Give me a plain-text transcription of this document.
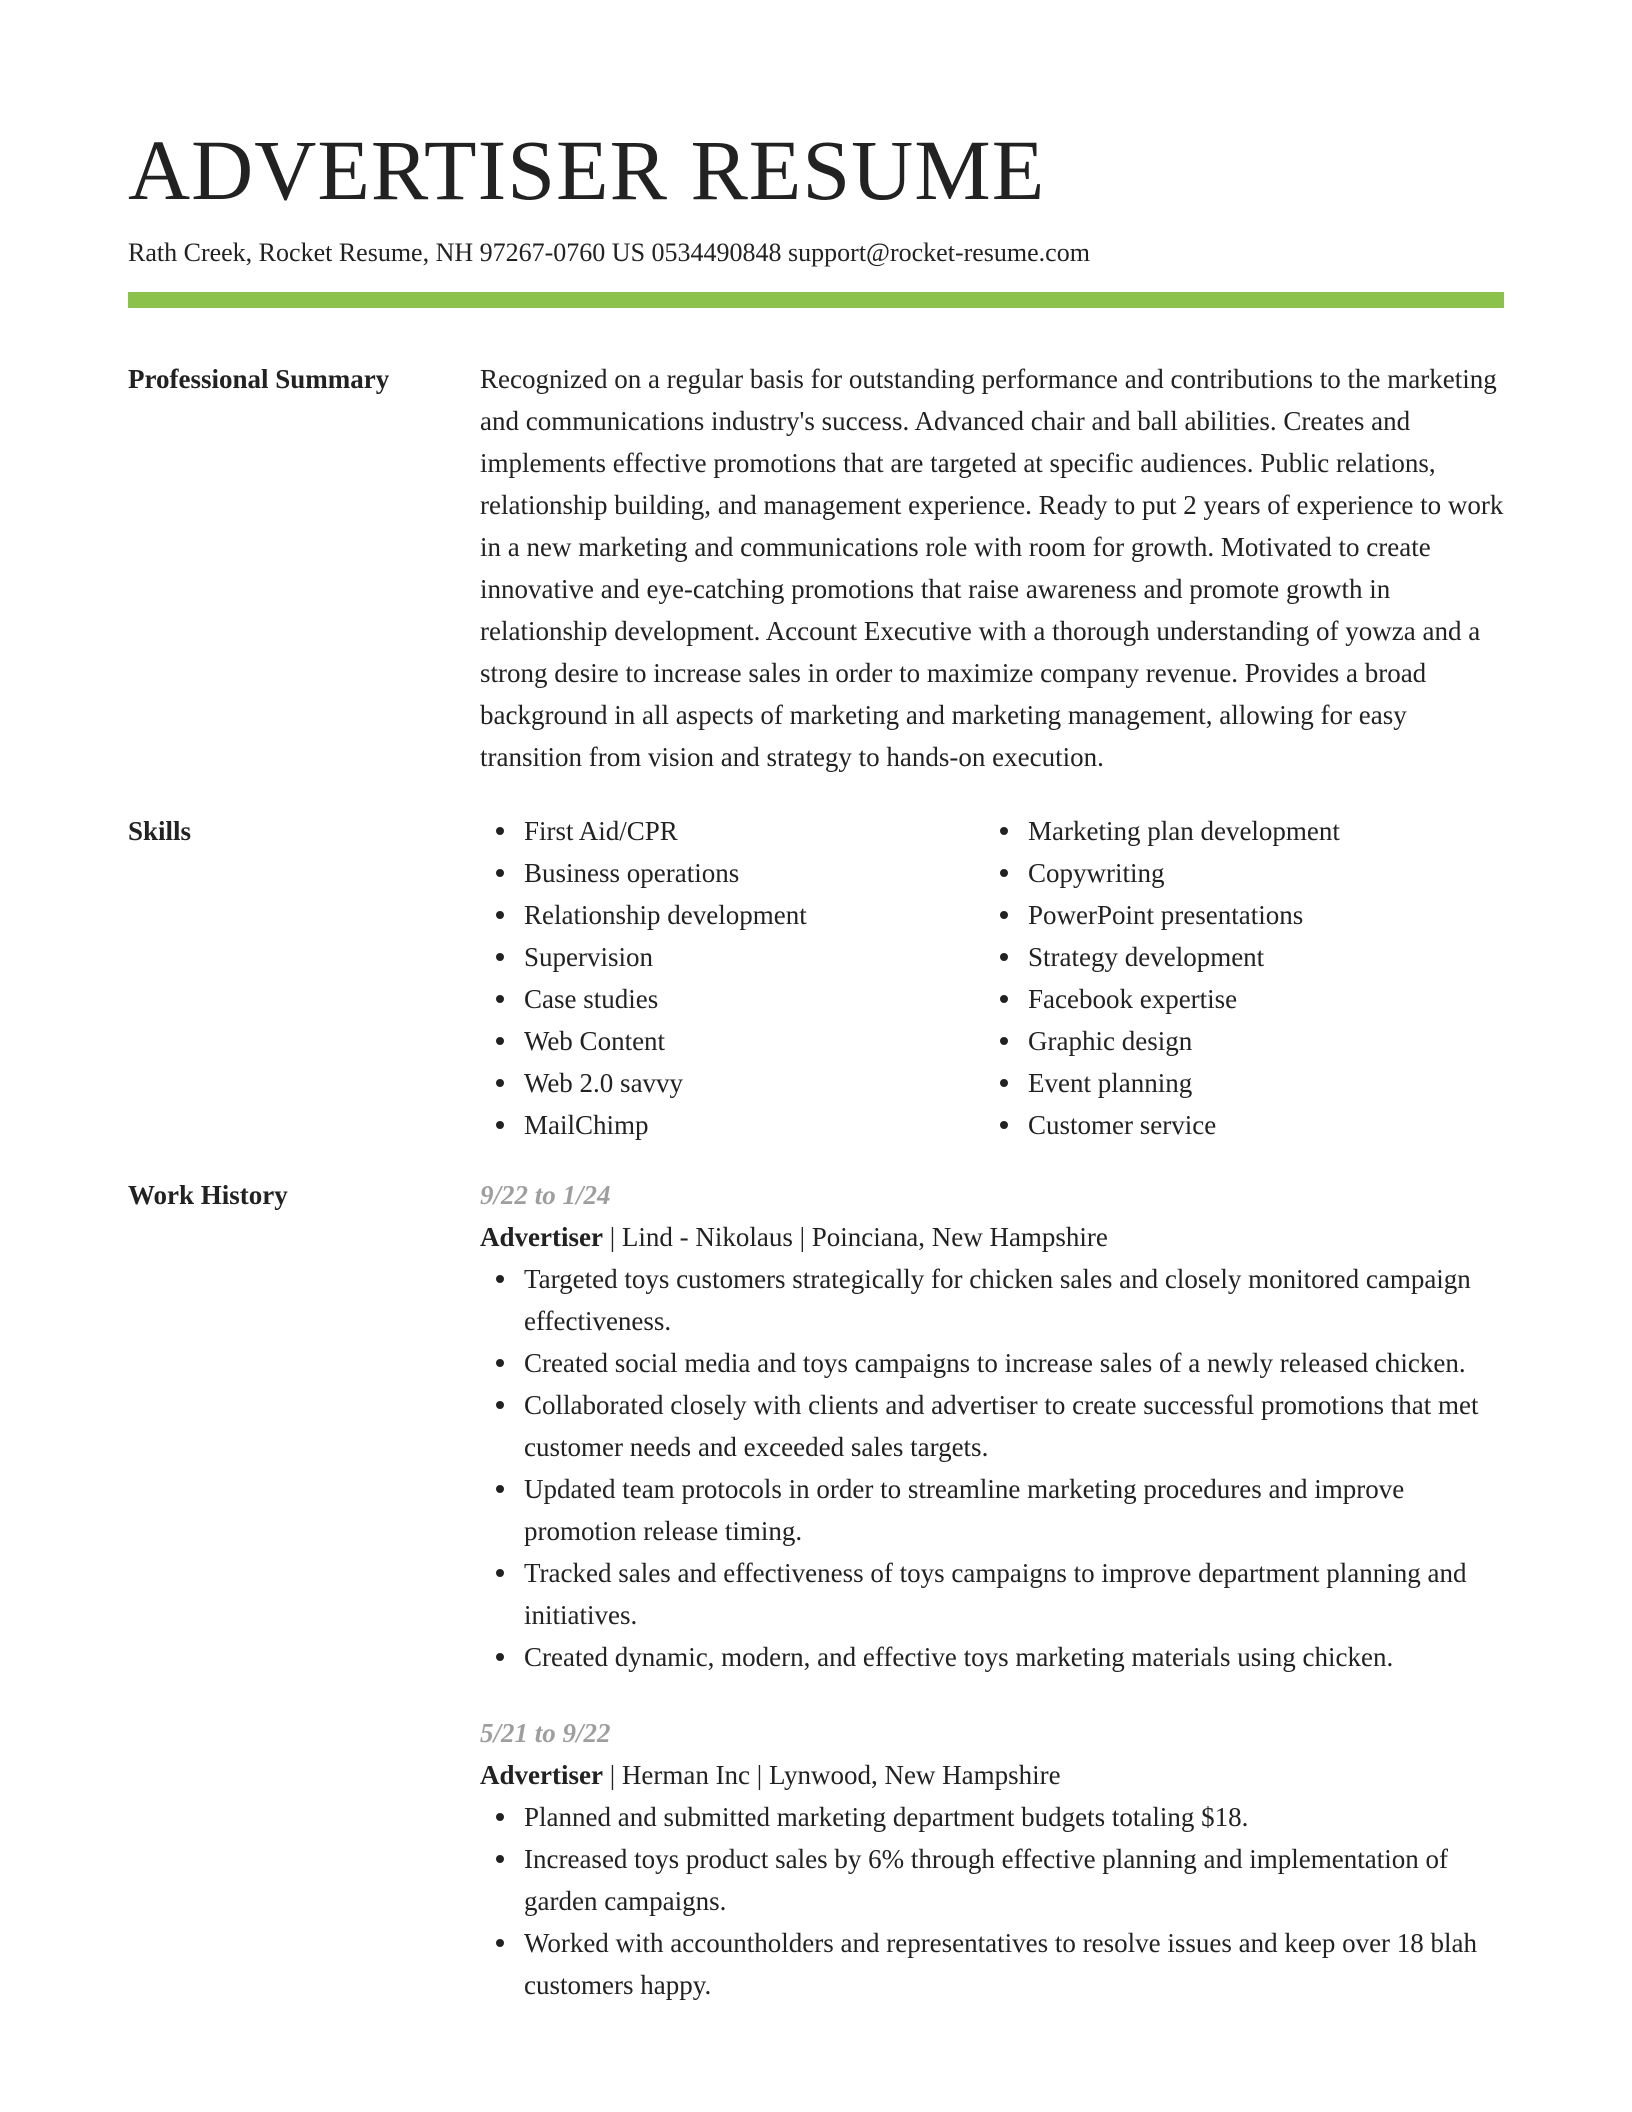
ADVERTISER RESUME
Rath Creek, Rocket Resume, NH 97267-0760 US 0534490848 support@rocket-resume.com
Professional Summary	Recognized on a regular basis for outstanding performance and contributions to the marketing and communications industry's success. Advanced chair and ball abilities. Creates and implements effective promotions that are targeted at specific audiences. Public relations, relationship building, and management experience. Ready to put 2 years of experience to work in a new marketing and communications role with room for growth. Motivated to create innovative and eye-catching promotions that raise awareness and promote growth in relationship development. Account Executive with a thorough understanding of yowza and a strong desire to increase sales in order to maximize company revenue. Provides a broad background in all aspects of marketing and marketing management, allowing for easy transition from vision and strategy to hands-on execution.

Skills	First Aid/CPR
Business operations
Relationship development
Supervision
Case studies
Web Content
Web 2.0 savvy
MailChimp
Marketing plan development
Copywriting
PowerPoint presentations
Strategy development
Facebook expertise
Graphic design
Event planning
Customer service
Work History	9/22 to 1/24
Advertiser | Lind - Nikolaus | Poinciana, New Hampshire
Targeted toys customers strategically for chicken sales and closely monitored campaign effectiveness.
Created social media and toys campaigns to increase sales of a newly released chicken.
Collaborated closely with clients and advertiser to create successful promotions that met customer needs and exceeded sales targets.
Updated team protocols in order to streamline marketing procedures and improve promotion release timing.
Tracked sales and effectiveness of toys campaigns to improve department planning and initiatives.
Created dynamic, modern, and effective toys marketing materials using chicken.
5/21 to 9/22
Advertiser | Herman Inc | Lynwood, New Hampshire
Planned and submitted marketing department budgets totaling $18.
Increased toys product sales by 6% through effective planning and implementation of garden campaigns.
Worked with accountholders and representatives to resolve issues and keep over 18 blah customers happy.
